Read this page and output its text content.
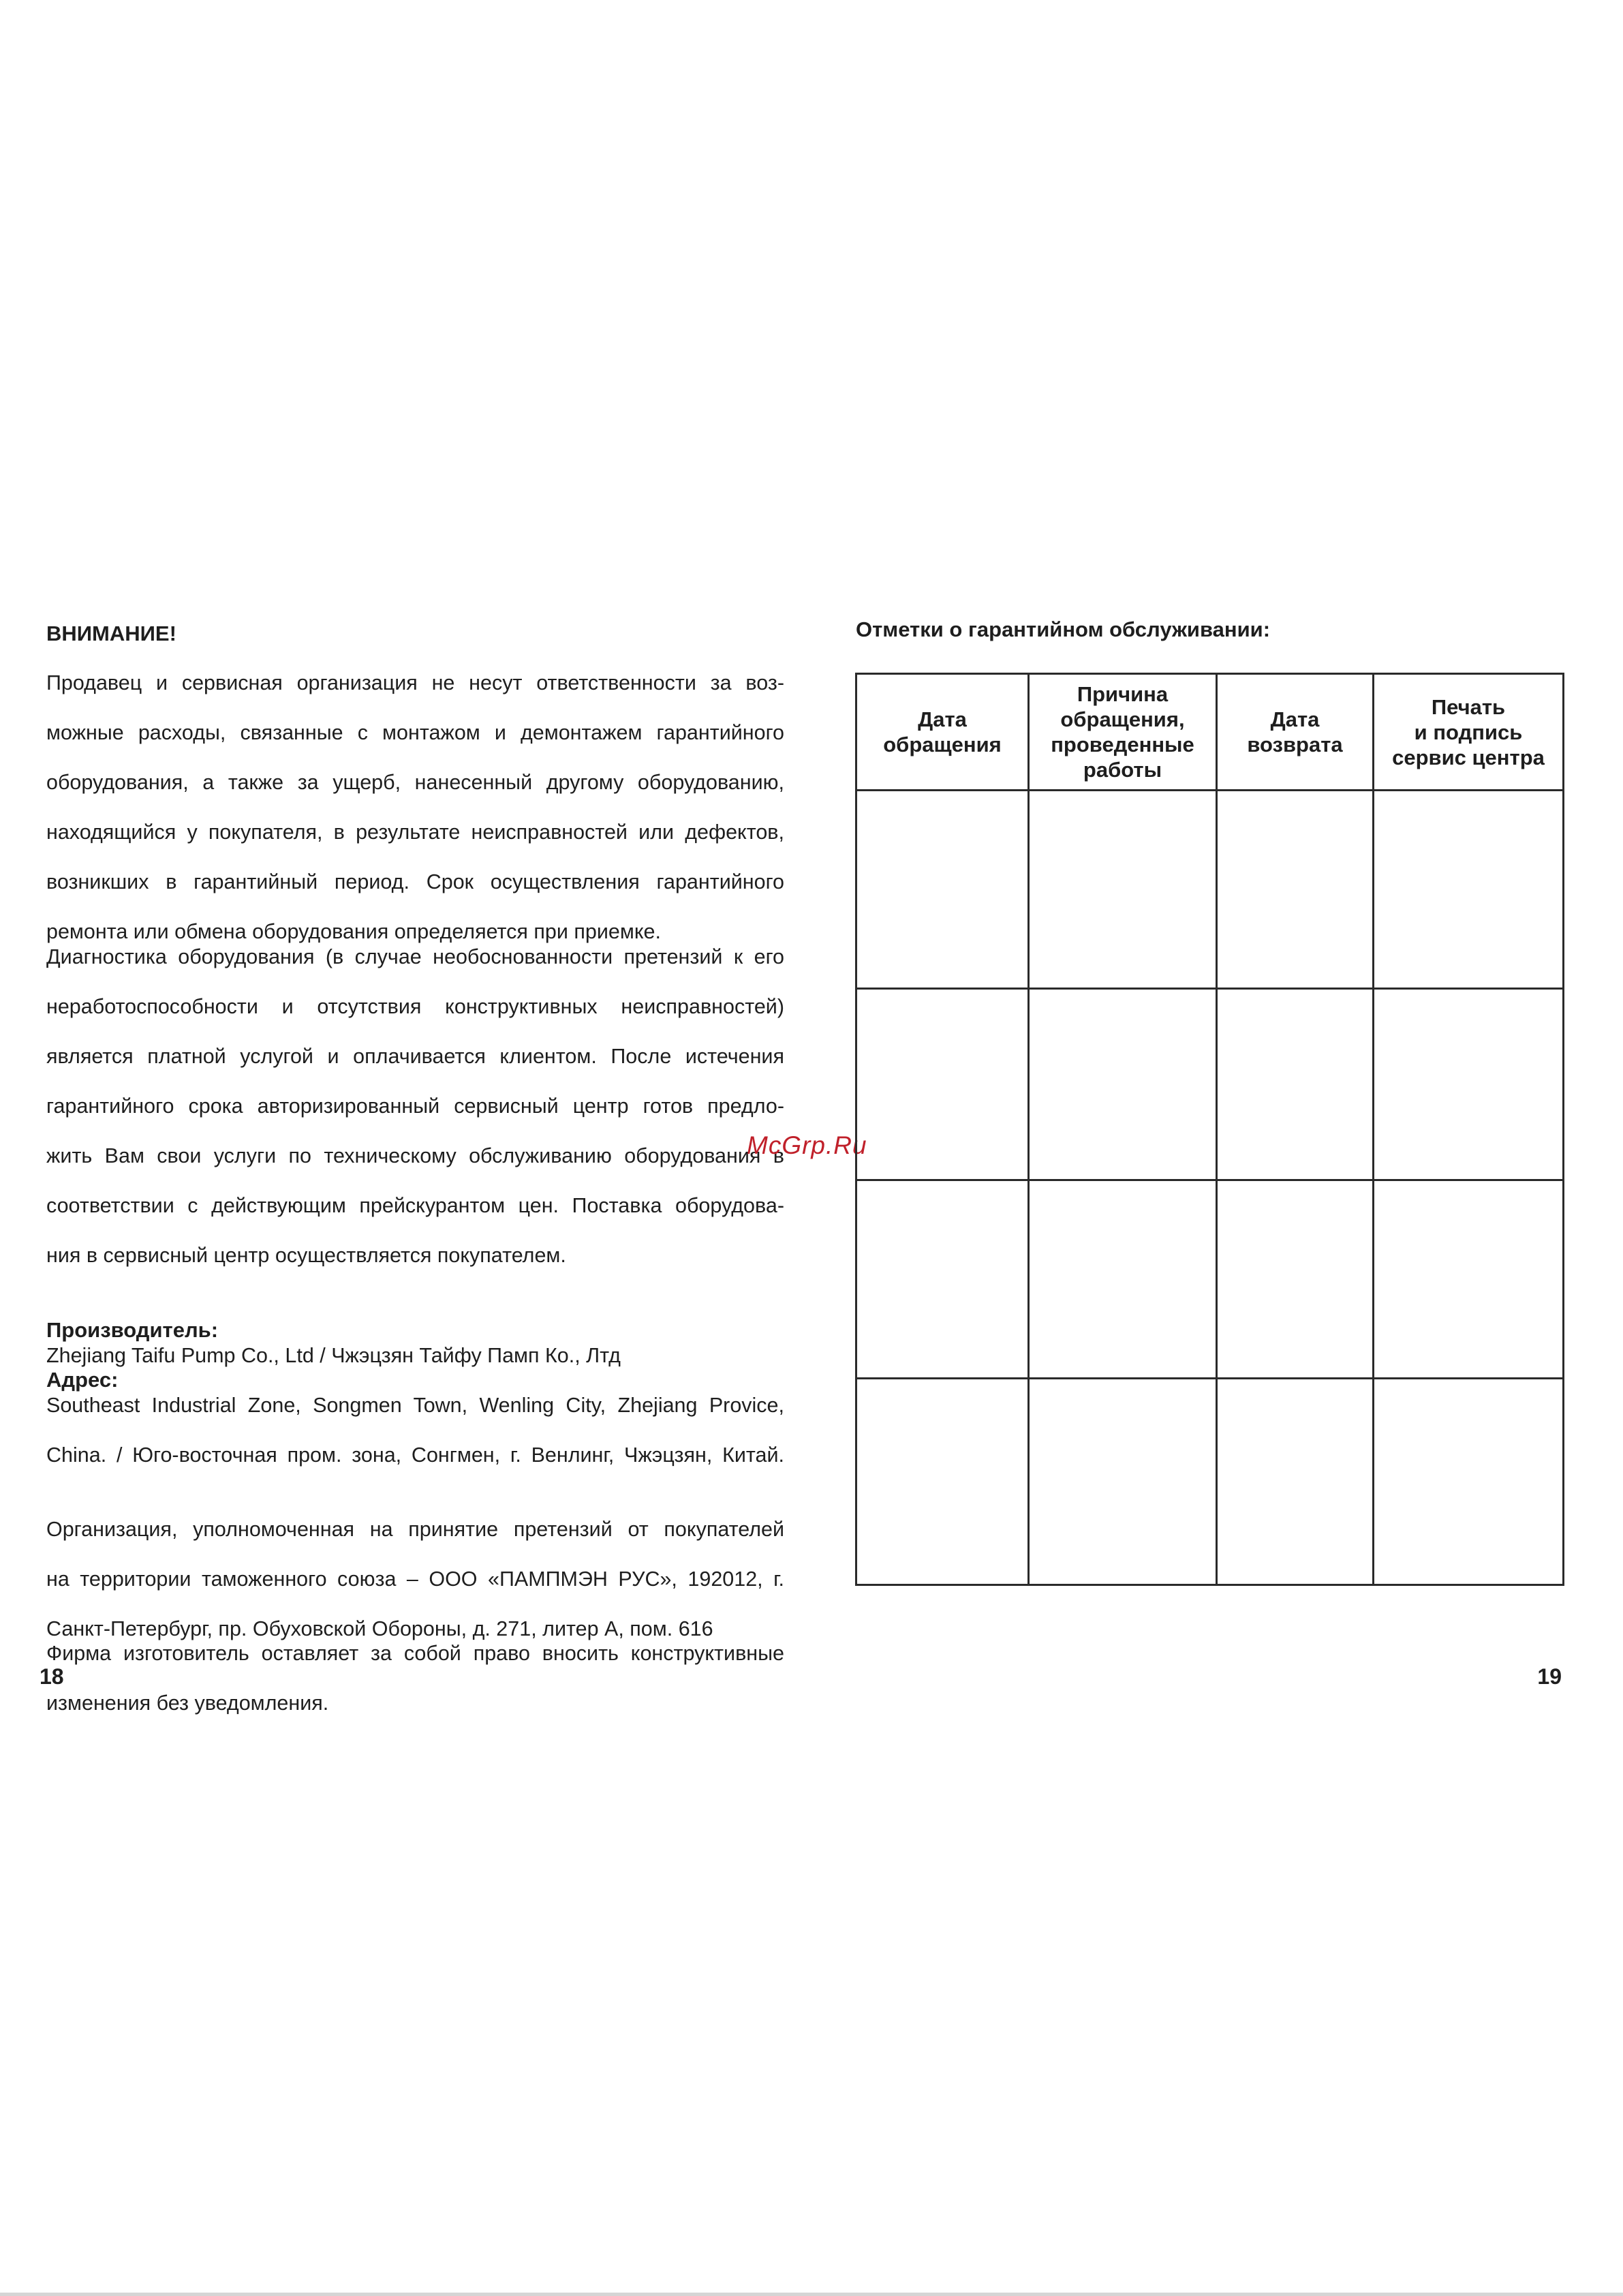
ВНИМАНИЕ!

Продавец и сервисная организация не несут ответственности за воз-

можные расходы, связанные с монтажом и демонтажем гарантийного

оборудования, а также за ущерб, нанесенный другому оборудованию,

находящийся у покупателя, в результате неисправностей или дефектов,

возникших в гарантийный период. Срок осуществления гарантийного

ремонта или обмена оборудования определяется при приемке.

Диагностика оборудования (в случае необоснованности претензий к его

неработоспособности и отсутствия конструктивных неисправностей)

является платной услугой и оплачивается клиентом. После истечения

гарантийного срока авторизированный сервисный центр готов предло-

жить Вам свои услуги по техническому обслуживанию оборудования в

соответствии с действующим прейскурантом цен. Поставка оборудова-

ния в сервисный центр осуществляется покупателем.

Производитель:

Zhejiang Taifu Pump Co., Ltd / Чжэцзян Тайфу Памп Ко., Лтд

Адрес:

Southeast Industrial Zone, Songmen Town, Wenling City, Zhejiang Provice,

China. / Юго-восточная пром. зона, Сонгмен, г. Венлинг, Чжэцзян, Китай.

Организация, уполномоченная на принятие претензий от покупателей

на территории таможенного союза – ООО «ПАМПМЭН РУС», 192012, г.

Санкт-Петербург, пр. Обуховской Обороны, д. 271, литер А, пом. 616

Фирма изготовитель оставляет за собой право вносить конструктивные

изменения без уведомления.

18
McGrp.Ru
Отметки о гарантийном обслуживании:
Дата
обращения	Причина
обращения,
проведенные
работы	Дата
возврата	Печать
и подпись
сервис центра

19
